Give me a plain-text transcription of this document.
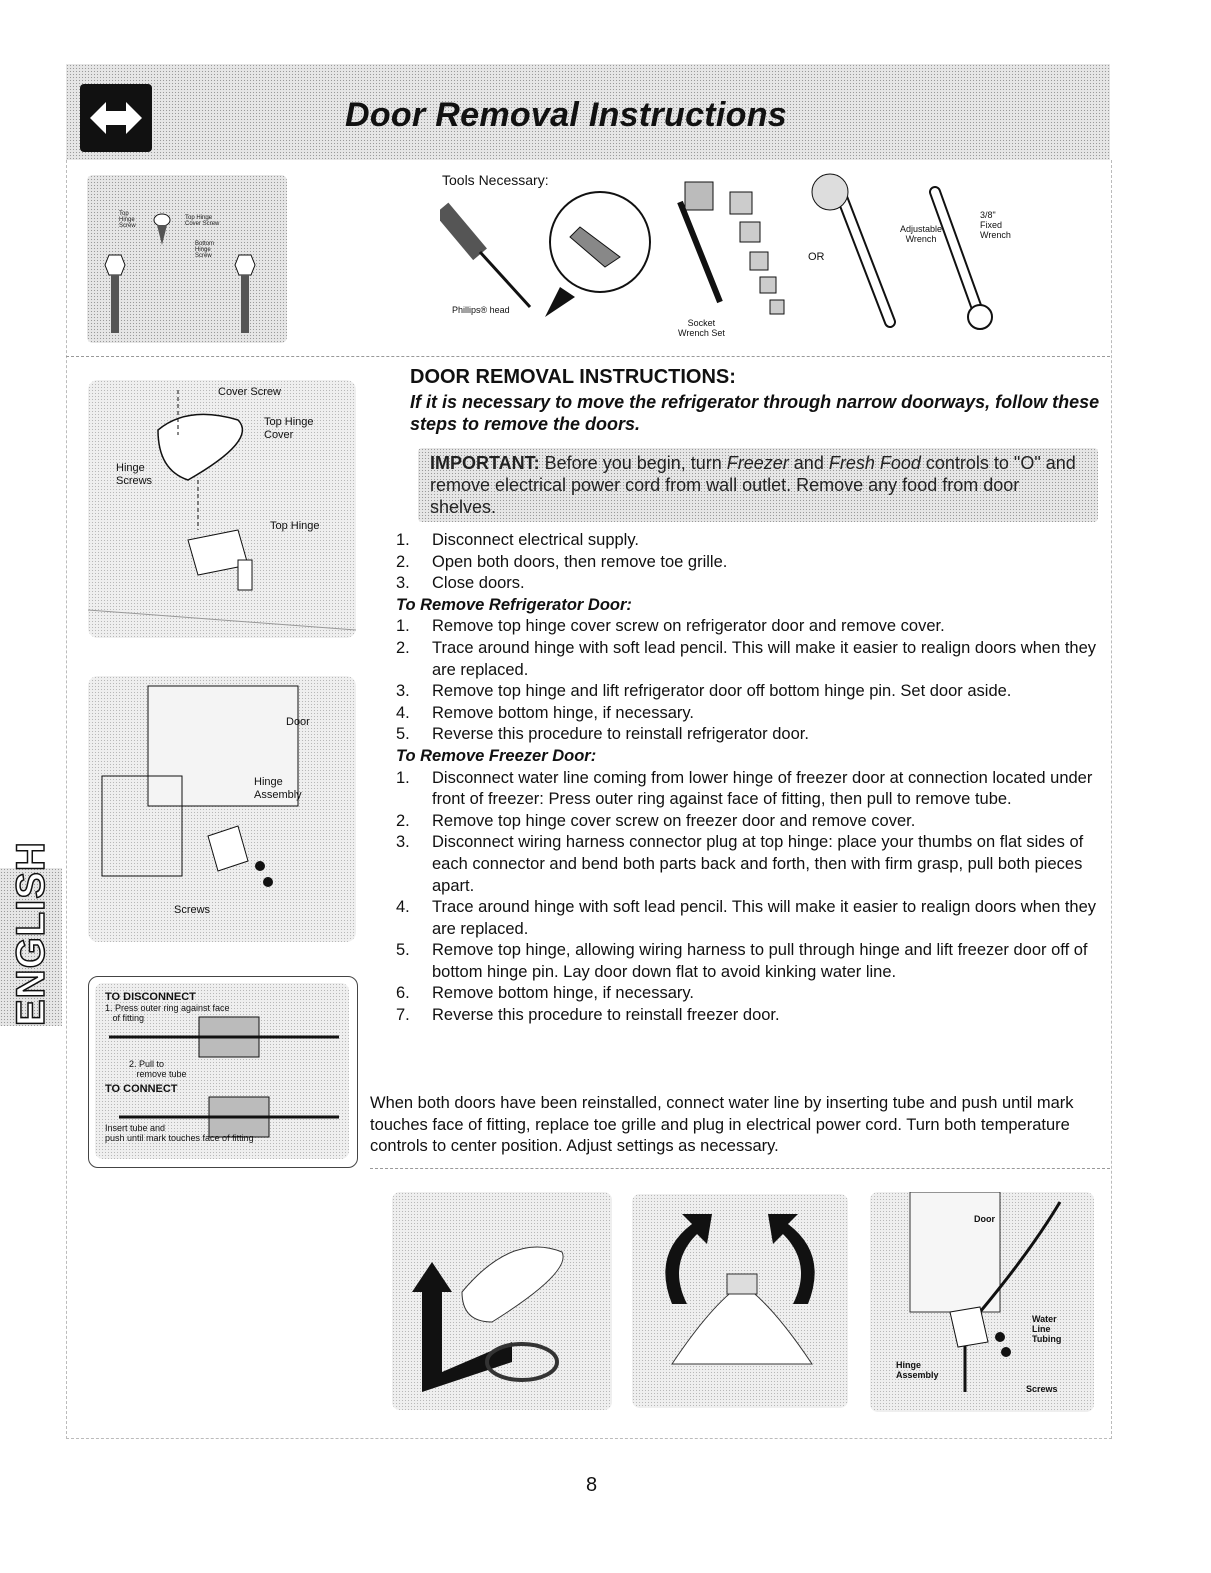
Door Removal Instructions
Top
Hinge
Screw
Top Hinge
Cover Screw
Bottom
Hinge
Screw
Tools Necessary:
Phillips® head
Socket
Wrench Set
OR
Adjustable
Wrench
3/8"
Fixed
Wrench
Cover Screw
Top Hinge
Cover
Hinge
Screws
Top Hinge
Door
Hinge
Assembly
Screws
TO DISCONNECT
1. Press outer ring against face
of fitting
2. Pull to
remove tube
TO CONNECT
Insert tube and
push until mark touches face of fitting
DOOR REMOVAL INSTRUCTIONS:
If it is necessary to move the refrigerator through narrow doorways, follow these steps to remove the doors.
IMPORTANT: Before you begin, turn Freezer and Fresh Food controls to "O" and remove electrical power cord from wall outlet. Remove any food from door shelves.
1. Disconnect electrical supply.
2. Open both doors, then remove toe grille.
3. Close doors.
To Remove Refrigerator Door:
1. Remove top hinge cover screw on refrigerator door and remove cover.
2. Trace around hinge with soft lead pencil. This will make it easier to realign doors when they are replaced.
3. Remove top hinge and lift refrigerator door off bottom hinge pin. Set door aside.
4. Remove bottom hinge, if necessary.
5. Reverse this procedure to reinstall refrigerator door.
To Remove Freezer Door:
1. Disconnect water line coming from lower hinge of freezer door at connection located under front of freezer: Press outer ring against face of fitting, then pull to remove tube.
2. Remove top hinge cover screw on freezer door and remove cover.
3. Disconnect wiring harness connector plug at top hinge: place your thumbs on flat sides of each connector and bend both parts back and forth, then with firm grasp, pull both pieces apart.
4. Trace around hinge with soft lead pencil. This will make it easier to realign doors when they are replaced.
5. Remove top hinge, allowing wiring harness to pull through hinge and lift freezer door off of bottom hinge pin. Lay door down flat to avoid kinking water line.
6. Remove bottom hinge, if necessary.
7. Reverse this procedure to reinstall freezer door.
When both doors have been reinstalled, connect water line by inserting tube and push until mark touches face of fitting, replace toe grille and plug in electrical power cord. Turn both temperature controls to center position. Adjust settings as necessary.
Door
Water
Line
Tubing
Hinge
Assembly
Screws
ENGLISH
8
